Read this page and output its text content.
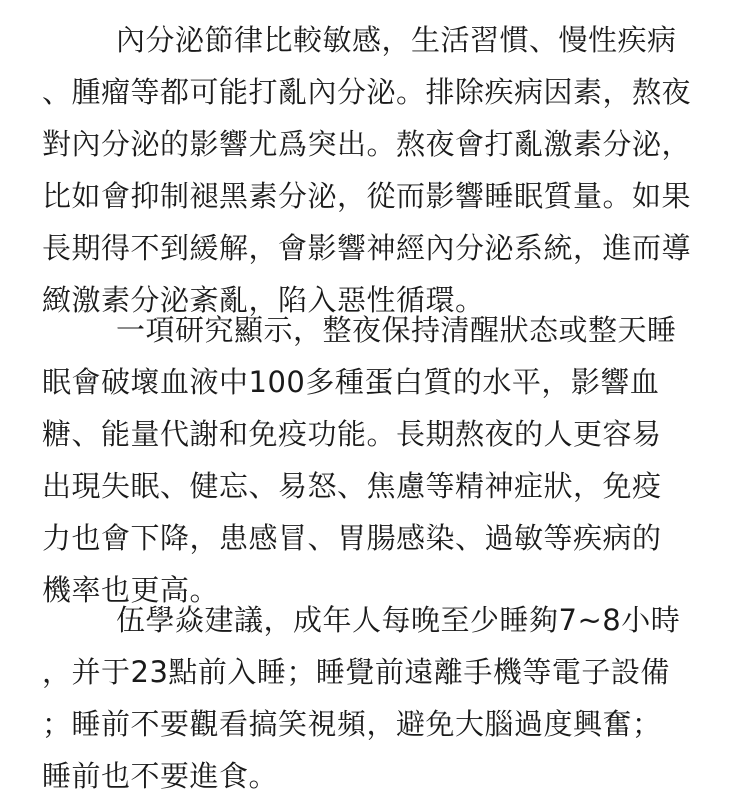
內分泌節律比較敏感，生活習慣、慢性疾病
、腫瘤等都可能打亂內分泌。排除疾病因素，熬夜
對內分泌的影響尤爲突出。熬夜會打亂激素分泌，
比如會抑制褪黑素分泌，從而影響睡眠質量。如果
長期得不到緩解，會影響神經內分泌系統，進而導
緻激素分泌紊亂，陷入惡性循環。
一項研究顯示，整夜保持清醒狀态或整天睡
眠會破壞血液中100多種蛋白質的水平，影響血
糖、能量代謝和免疫功能。長期熬夜的人更容易
出現失眠、健忘、易怒、焦慮等精神症狀，免疫
力也會下降，患感冒、胃腸感染、過敏等疾病的
機率也更高。
伍學焱建議，成年人每晚至少睡夠7~8小時
，并于23點前入睡；睡覺前遠離手機等電子設備
；睡前不要觀看搞笑視頻，避免大腦過度興奮；
睡前也不要進食。
